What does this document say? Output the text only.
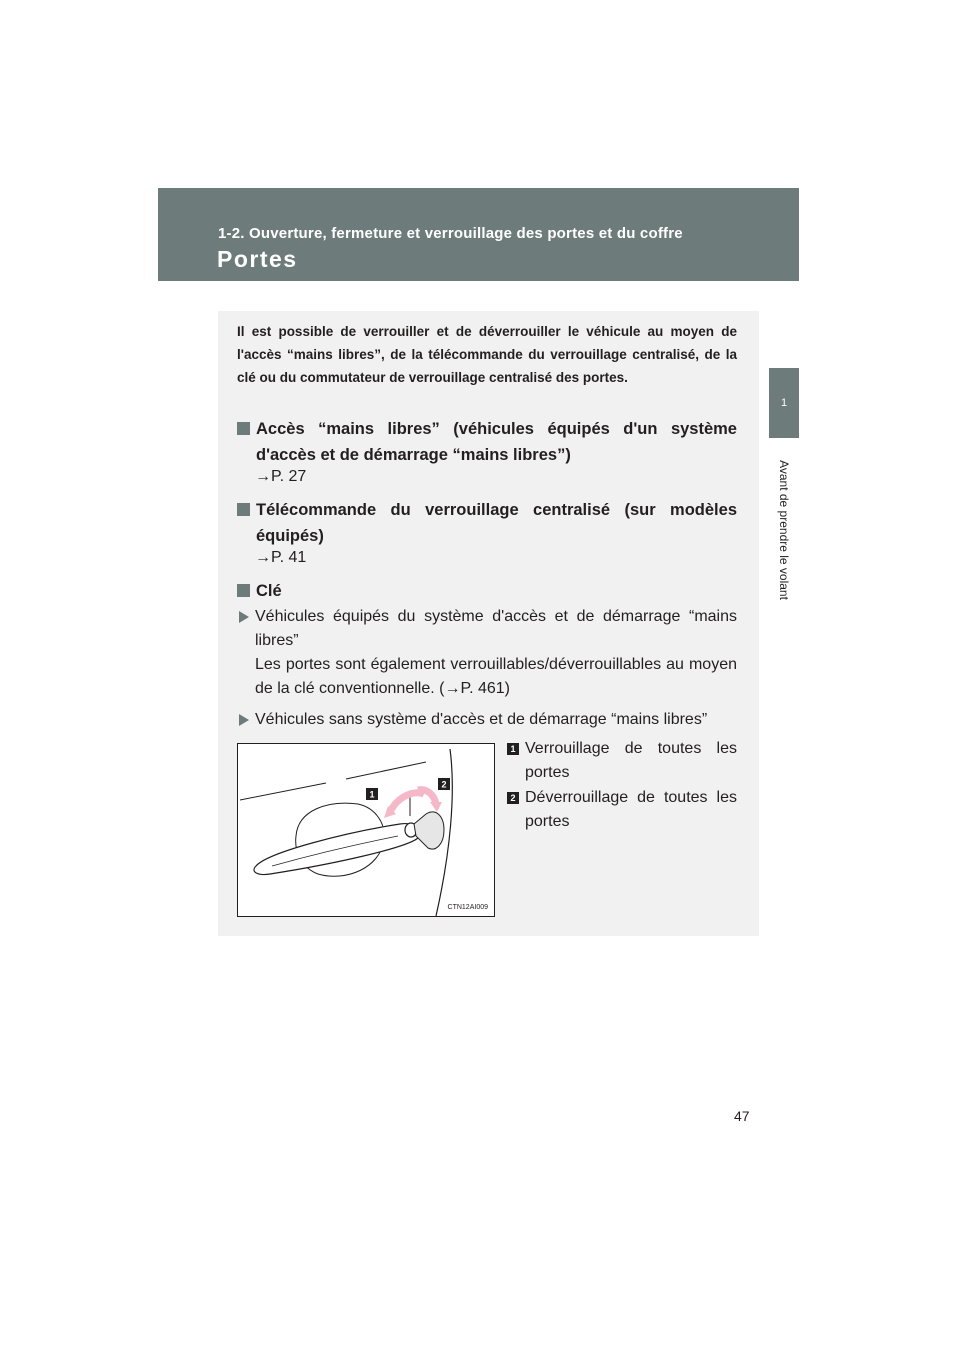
1-2. Ouverture, fermeture et verrouillage des portes et du coffre
Portes
1
Avant de prendre le volant

Il est possible de verrouiller et de déverrouiller le véhicule au moyen de l'accès “mains libres”, de la télécommande du verrouillage centralisé, de la clé ou du commutateur de verrouillage centralisé des portes.

Accès “mains libres” (véhicules équipés d'un système d'accès et de démarrage “mains libres”)

→P. 27

Télécommande du verrouillage centralisé (sur modèles équipés)

→P. 41

Clé
Véhicules équipés du système d'accès et de démarrage “mains libres”

Les portes sont également verrouillables/déverrouillables au moyen de la clé conventionnelle. (→P. 461)

Véhicules sans système d'accès et de démarrage “mains libres”
1
2
CTN12AI009
1 Verrouillage de toutes les portes
2 Déverrouillage de toutes les portes
47
